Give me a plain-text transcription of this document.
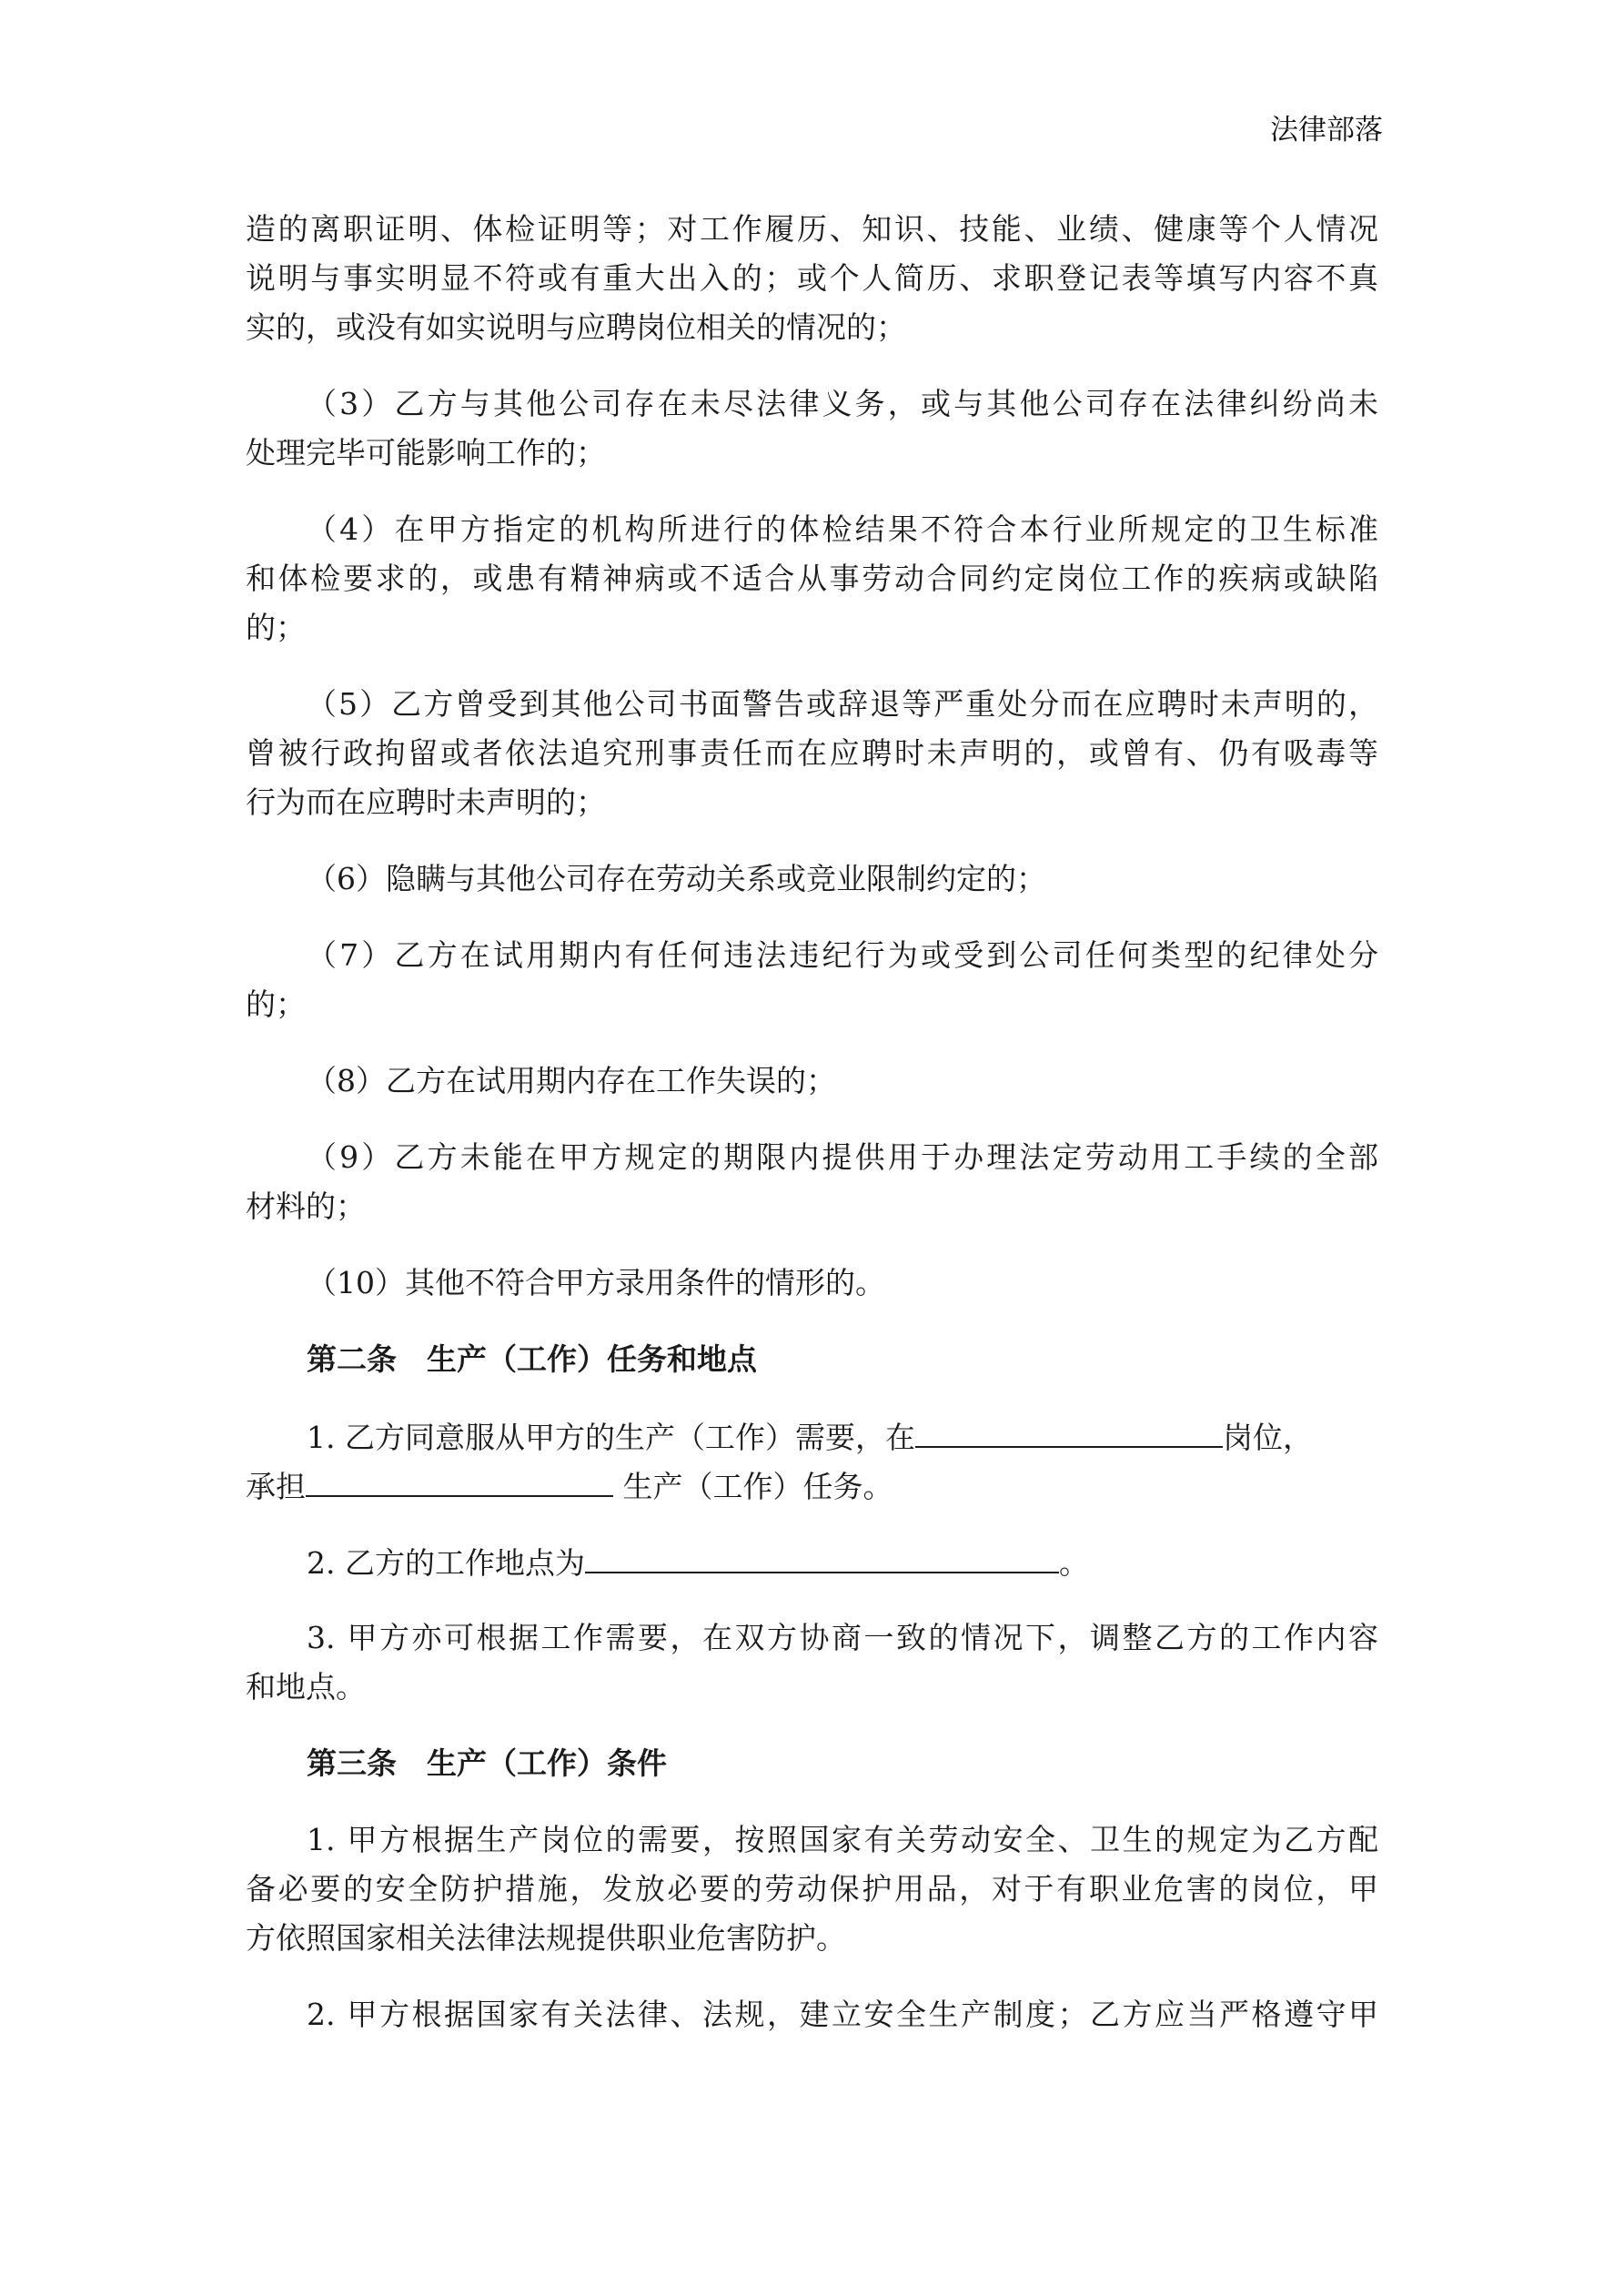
法律部落
造的离职证明、体检证明等；对工作履历、知识、技能、业绩、健康等个人情况
说明与事实明显不符或有重大出入的；或个人简历、求职登记表等填写内容不真
实的，或没有如实说明与应聘岗位相关的情况的；
（3）乙方与其他公司存在未尽法律义务，或与其他公司存在法律纠纷尚未
处理完毕可能影响工作的；
（4）在甲方指定的机构所进行的体检结果不符合本行业所规定的卫生标准
和体检要求的，或患有精神病或不适合从事劳动合同约定岗位工作的疾病或缺陷
的；
（5）乙方曾受到其他公司书面警告或辞退等严重处分而在应聘时未声明的，
曾被行政拘留或者依法追究刑事责任而在应聘时未声明的，或曾有、仍有吸毒等
行为而在应聘时未声明的；
（6）隐瞒与其他公司存在劳动关系或竞业限制约定的；
（7）乙方在试用期内有任何违法违纪行为或受到公司任何类型的纪律处分
的；
（8）乙方在试用期内存在工作失误的；
（9）乙方未能在甲方规定的期限内提供用于办理法定劳动用工手续的全部
材料的；
（10）其他不符合甲方录用条件的情形的。
第二条　生产（工作）任务和地点
1. 乙方同意服从甲方的生产（工作）需要，在	岗位，
承担	生产（工作）任务。
2. 乙方的工作地点为	。
3. 甲方亦可根据工作需要，在双方协商一致的情况下，调整乙方的工作内容
和地点。
第三条　生产（工作）条件
1. 甲方根据生产岗位的需要，按照国家有关劳动安全、卫生的规定为乙方配
备必要的安全防护措施，发放必要的劳动保护用品，对于有职业危害的岗位，甲
方依照国家相关法律法规提供职业危害防护。
2. 甲方根据国家有关法律、法规，建立安全生产制度；乙方应当严格遵守甲
